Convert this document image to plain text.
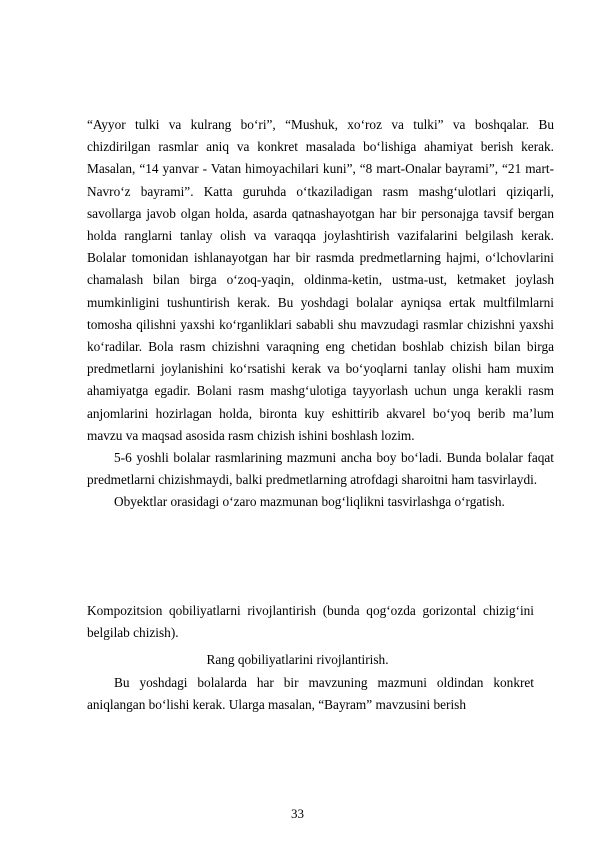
“Ayyor tulki va kulrang bo‘ri”, “Mushuk, xo‘roz va tulki” va boshqalar. Bu chizdirilgan rasmlar aniq va konkret masalada bo‘lishiga ahamiyat berish kerak. Masalan, “14 yanvar - Vatan himoyachilari kuni”, “8 mart-Onalar bayrami”, “21 mart-Navro‘z bayrami”. Katta guruhda o‘tkaziladigan rasm mashg‘ulotlari qiziqarli, savollarga javob olgan holda, asarda qatnashayotgan har bir personajga tavsif bergan holda ranglarni tanlay olish va varaqqa joylashtirish vazifalarini belgilash kerak. Bolalar tomonidan ishlanayotgan har bir rasmda predmetlarning hajmi, o‘lchovlarini chamalash bilan birga o‘zoq-yaqin, oldinma-ketin, ustma-ust, ketmaket joylash mumkinligini tushuntirish kerak. Bu yoshdagi bolalar ayniqsa ertak multfilmlarni tomosha qilishni yaxshi ko‘rganliklari sababli shu mavzudagi rasmlar chizishni yaxshi ko‘radilar. Bola rasm chizishni varaqning eng chetidan boshlab chizish bilan birga predmetlarni joylanishini ko‘rsatishi kerak va bo‘yoqlarni tanlay olishi ham muxim ahamiyatga egadir. Bolani rasm mashg‘ulotiga tayyorlash uchun unga kerakli rasm anjomlarini hozirlagan holda, bironta kuy eshittirib akvarel bo‘yoq berib ma’lum mavzu va maqsad asosida rasm chizish ishini boshlash lozim.

5-6 yoshli bolalar rasmlarining mazmuni ancha boy bo‘ladi. Bunda bolalar faqat predmetlarni chizishmaydi, balki predmetlarning atrofdagi sharoitni ham tasvirlaydi.

Obyektlar orasidagi o‘zaro mazmunan bog‘liqlikni tasvirlashga o‘rgatish.

Kompozitsion qobiliyatlarni rivojlantirish (bunda qog‘ozda gorizontal chizig‘ini belgilab chizish).

Rang qobiliyatlarini rivojlantirish.

Bu yoshdagi bolalarda har bir mavzuning mazmuni oldindan konkret aniqlangan bo‘lishi kerak. Ularga masalan, “Bayram” mavzusini berish

33
